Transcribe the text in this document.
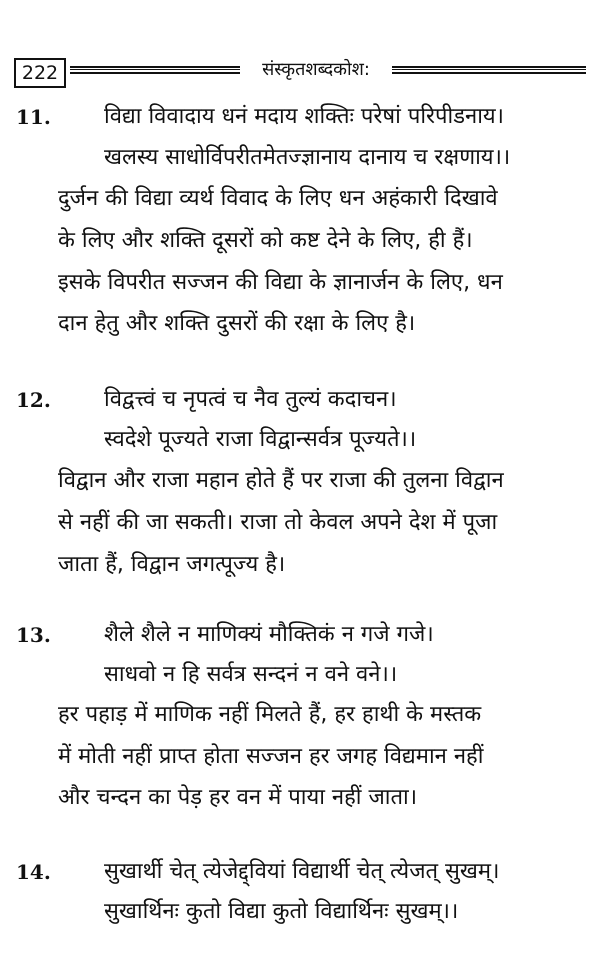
222	संस्कृतशब्दकोश:
11. विद्या विवादाय धनं मदाय शक्तिः परेषां परिपीडनाय।
खलस्य साधोर्विपरीतमेतज्ज्ञानाय दानाय च रक्षणाय।।
दुर्जन की विद्या व्यर्थ विवाद के लिए धन अहंकारी दिखावे
के लिए और शक्ति दूसरों को कष्ट देने के लिए, ही हैं।
इसके विपरीत सज्जन की विद्या के ज्ञानार्जन के लिए, धन
दान हेतु और शक्ति दुसरों की रक्षा के लिए है।
12. विद्वत्त्वं च नृपत्वं च नैव तुल्यं कदाचन।
स्वदेशे पूज्यते राजा विद्वान्सर्वत्र पूज्यते।।
विद्वान और राजा महान होते हैं पर राजा की तुलना विद्वान
से नहीं की जा सकती। राजा तो केवल अपने देश में पूजा
जाता हैं, विद्वान जगत्पूज्य है।
13. शैले शैले न माणिक्यं मौक्तिकं न गजे गजे।
साधवो न हि सर्वत्र सन्दनं न वने वने।।
हर पहाड़ में माणिक नहीं मिलते हैं, हर हाथी के मस्तक
में मोती नहीं प्राप्त होता सज्जन हर जगह विद्यमान नहीं
और चन्दन का पेड़ हर वन में पाया नहीं जाता।
14. सुखार्थी चेत् त्येजेद्द्वियां विद्यार्थी चेत् त्येजत् सुखम्।
सुखार्थिनः कुतो विद्या कुतो विद्यार्थिनः सुखम्।।
